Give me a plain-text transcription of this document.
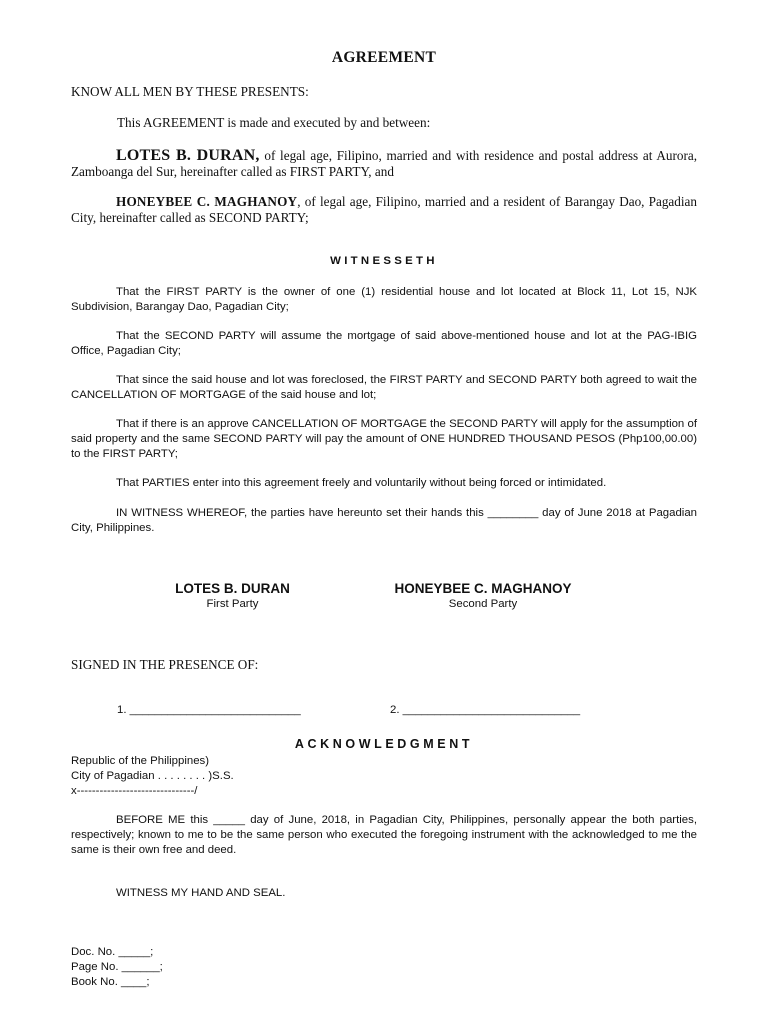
AGREEMENT
KNOW ALL MEN BY THESE PRESENTS:
This AGREEMENT is made and executed by and between:
LOTES B. DURAN, of legal age, Filipino, married and with residence and postal address at Aurora, Zamboanga del Sur, hereinafter called as FIRST PARTY, and
HONEYBEE C. MAGHANOY, of legal age, Filipino, married and a resident of Barangay Dao, Pagadian City, hereinafter called as SECOND PARTY;
WITNESSETH
That the FIRST PARTY is the owner of one (1) residential house and lot located at Block 11, Lot 15, NJK Subdivision, Barangay Dao, Pagadian City;
That the SECOND PARTY will assume the mortgage of said above-mentioned house and lot at the PAG-IBIG Office, Pagadian City;
That since the said house and lot was foreclosed, the FIRST PARTY and SECOND PARTY both agreed to wait the CANCELLATION OF MORTGAGE of the said house and lot;
That if there is an approve CANCELLATION OF MORTGAGE the SECOND PARTY will apply for the assumption of said property and the same SECOND PARTY will pay the amount of ONE HUNDRED THOUSAND PESOS (Php100,00.00) to the FIRST PARTY;
That PARTIES enter into this agreement freely and voluntarily without being forced or intimidated.
IN WITNESS WHEREOF, the parties have hereunto set their hands this ________ day of June 2018 at Pagadian City, Philippines.
LOTES B. DURAN
First Party
HONEYBEE C. MAGHANOY
Second Party
SIGNED IN THE PRESENCE OF:
1. ___________________________	2. ____________________________
ACKNOWLEDGMENT
Republic of the Philippines)
City of Pagadian . . . . . . . . )S.S.
x-------------------------------/
BEFORE ME this _____ day of June, 2018, in Pagadian City, Philippines, personally appear the both parties, respectively; known to me to be the same person who executed the foregoing instrument with the acknowledged to me the same is their own free and deed.
WITNESS MY HAND AND SEAL.
Doc. No. _____;
Page No. ______;
Book No. ____;
